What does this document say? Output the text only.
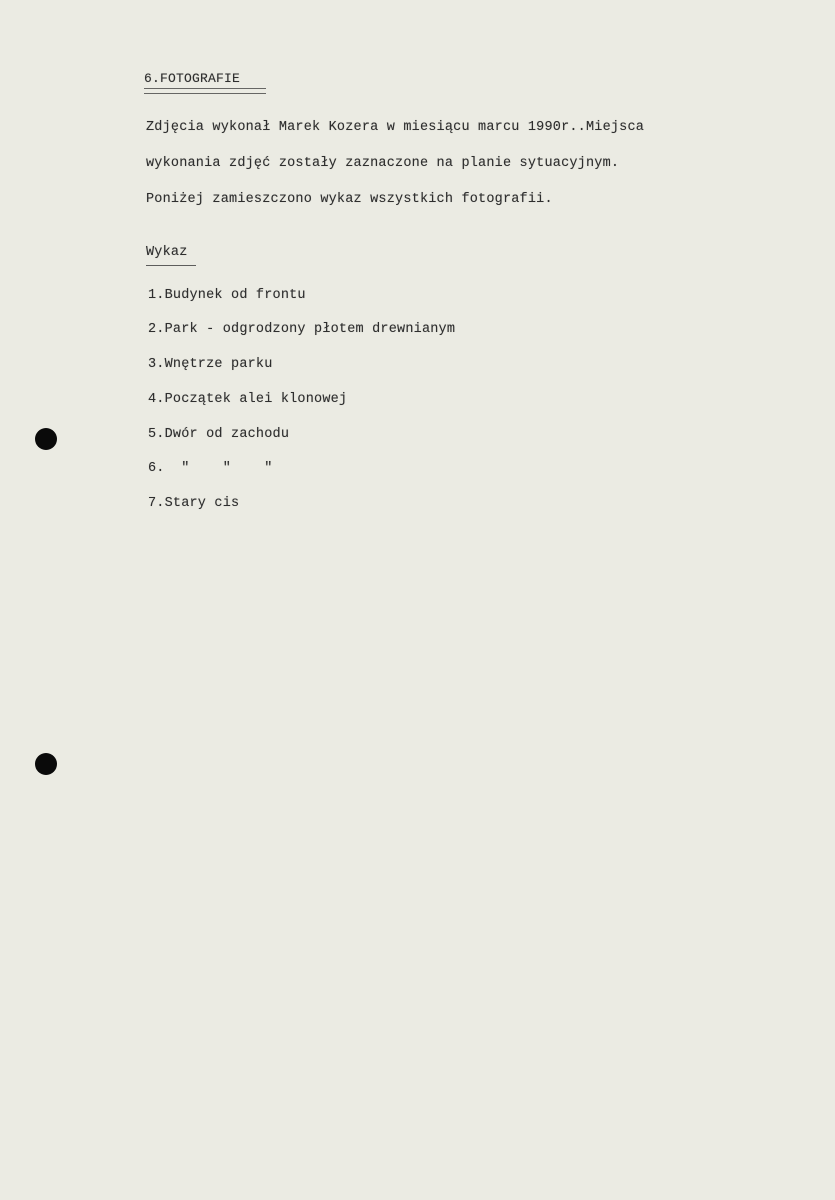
6.FOTOGRAFIE
Zdjęcia wykonał Marek Kozera w miesiącu marcu 1990r..Miejsca
wykonania zdjęć zostały zaznaczone na planie sytuacyjnym.
Poniżej zamieszczono wykaz wszystkich fotografii.
Wykaz
1.Budynek od frontu
2.Park - odgrodzony płotem drewnianym
3.Wnętrze parku
4.Początek alei klonowej
5.Dwór od zachodu
6.  "    "    "
7.Stary cis
